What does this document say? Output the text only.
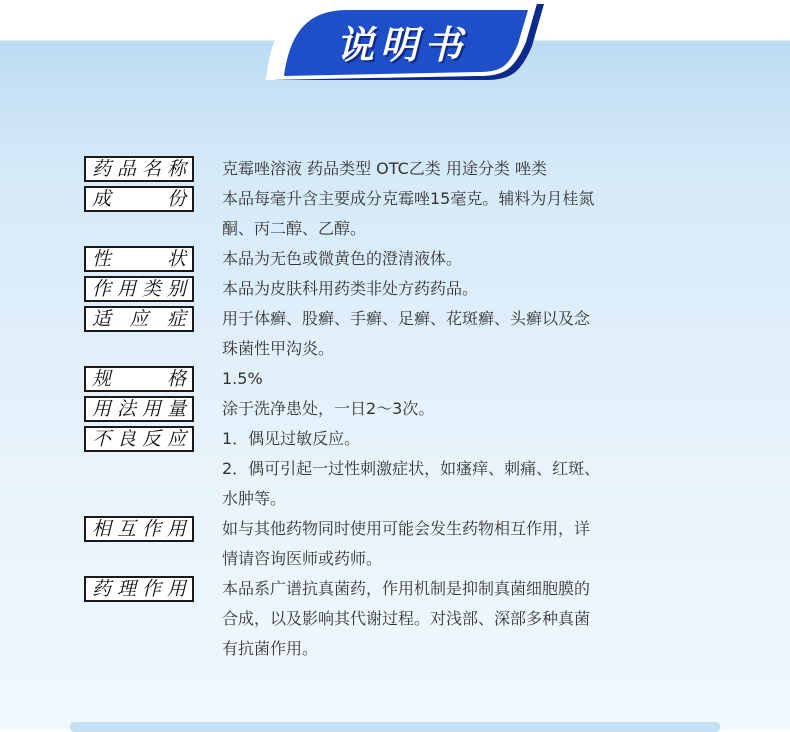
说明书
药 品 名 称 克霉唑溶液 药品类型 OTC乙类 用途分类 唑类
成	份 本品每毫升含主要成分克霉唑15毫克。辅料为月桂氮
酮、丙二醇、乙醇。
性	状 本品为无色或微黄色的澄清液体。
作 用 类 别 本品为皮肤科用药类非处方药药品。
适 应 症 用于体癣、股癣、手癣、足癣、花斑癣、头癣以及念
珠菌性甲沟炎。
规	格 1.5%
用 法 用 量 涂于洗净患处，一日2～3次。
不 良 反 应 1．偶见过敏反应。
2．偶可引起一过性刺激症状，如瘙痒、刺痛、红斑、
水肿等。
相 互 作 用 如与其他药物同时使用可能会发生药物相互作用，详
情请咨询医师或药师。
药 理 作 用 本品系广谱抗真菌药，作用机制是抑制真菌细胞膜的
合成，以及影响其代谢过程。对浅部、深部多种真菌
有抗菌作用。
